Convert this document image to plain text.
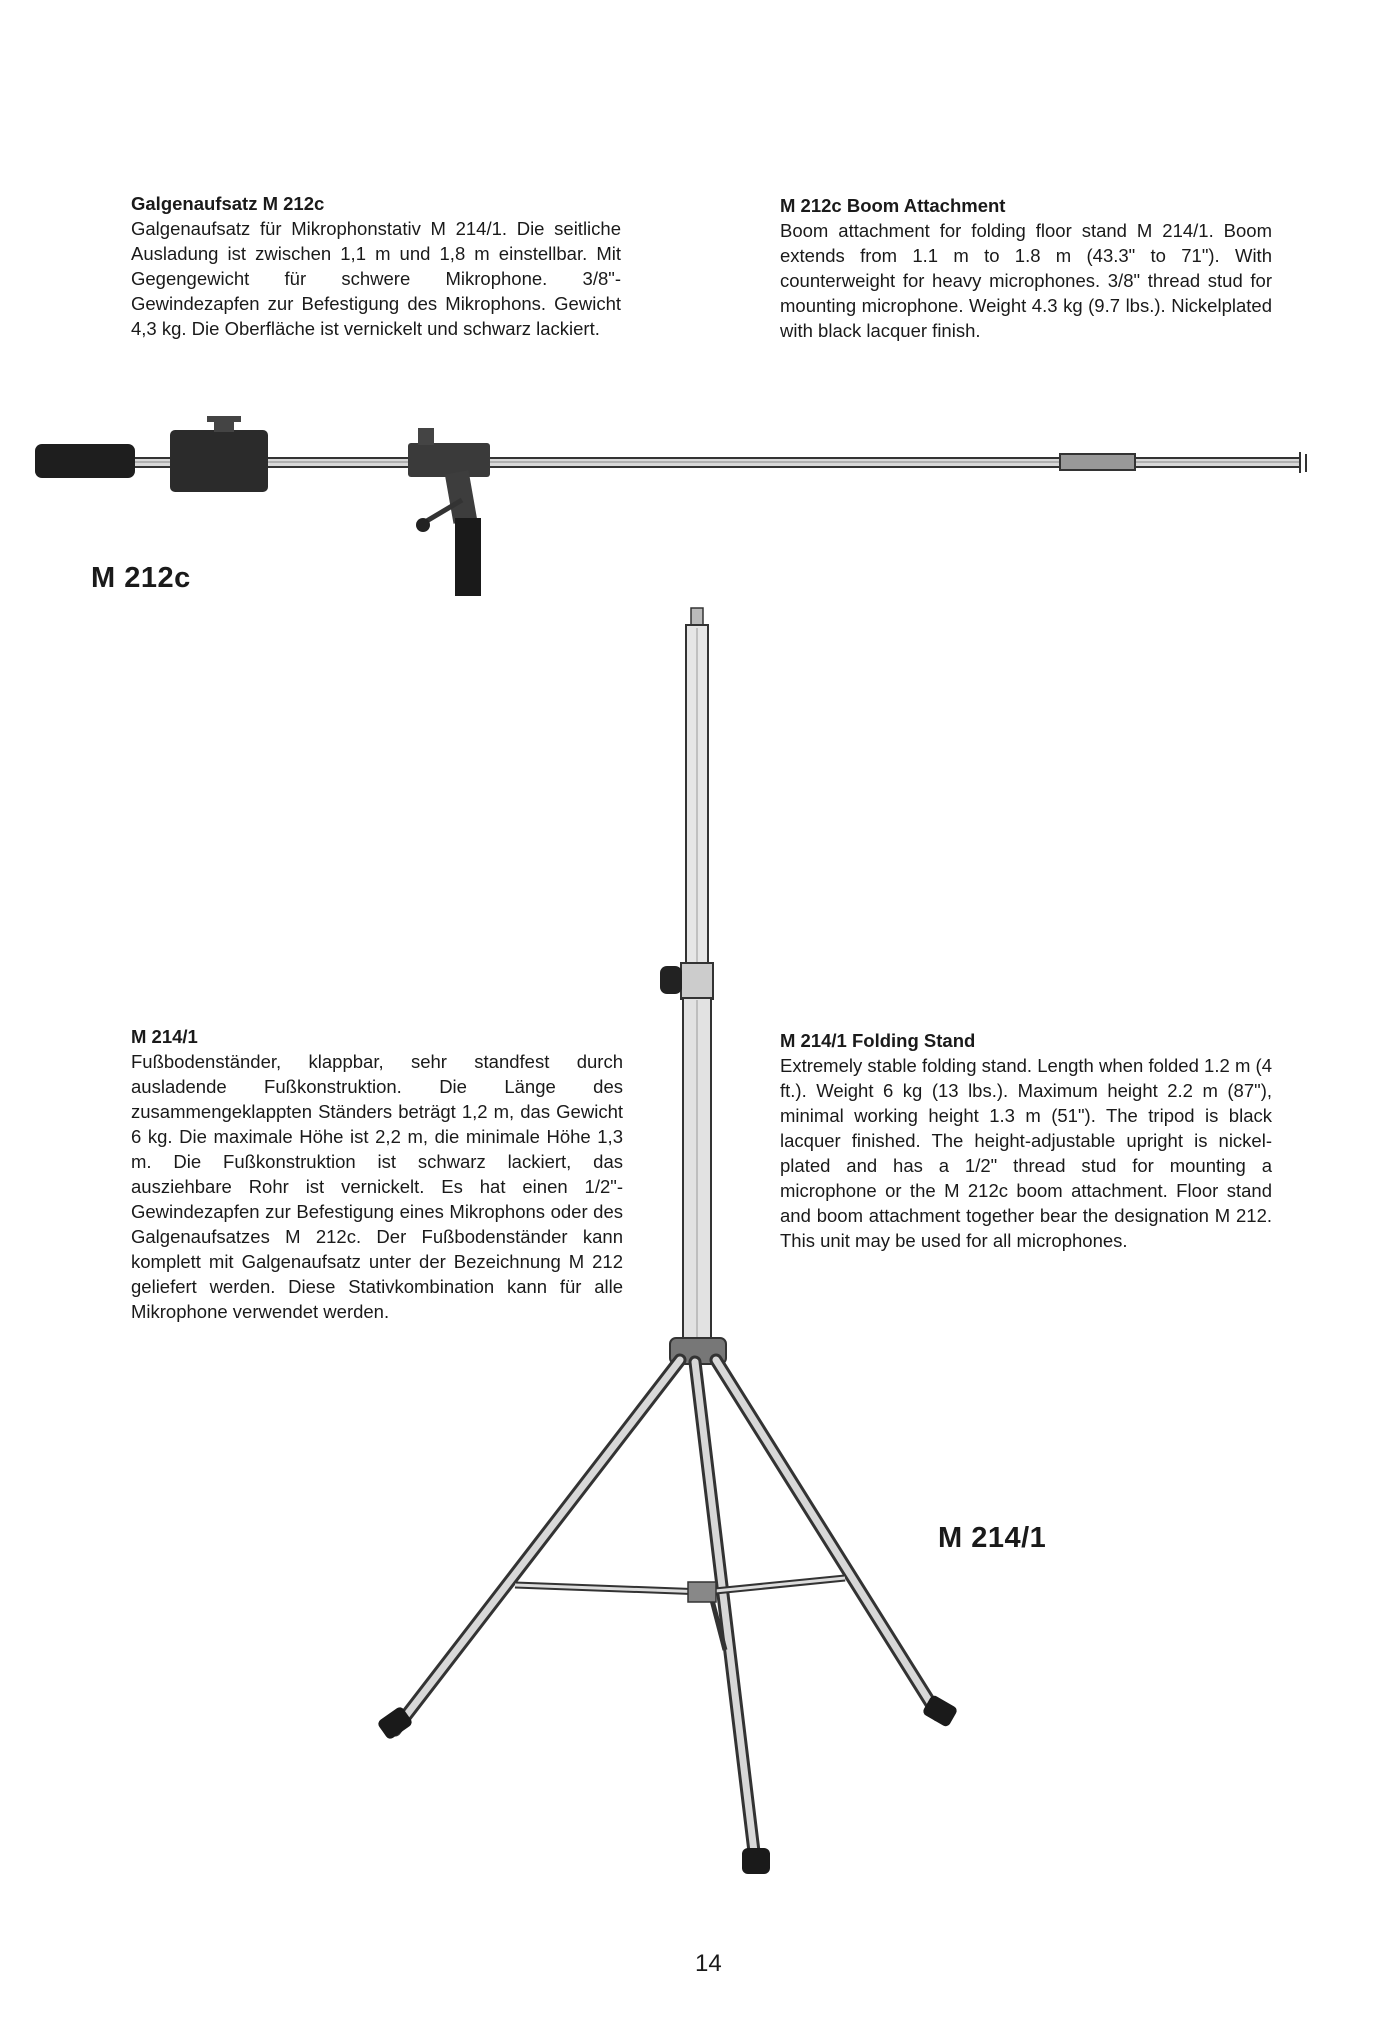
Galgenaufsatz M 212c

Galgenaufsatz für Mikrophonstativ M 214/1. Die seitliche Ausladung ist zwischen 1,1 m und 1,8 m einstellbar. Mit Gegengewicht für schwere Mikrophone. 3/8"-Gewindezapfen zur Befestigung des Mikrophons. Gewicht 4,3 kg. Die Oberfläche ist vernickelt und schwarz lackiert.

M 212c Boom Attachment

Boom attachment for folding floor stand M 214/1. Boom extends from 1.1 m to 1.8 m (43.3" to 71"). With counterweight for heavy microphones. 3/8" thread stud for mounting microphone. Weight 4.3 kg (9.7 lbs.). Nickelplated with black lacquer finish.

M 212c
M 214/1

Fußbodenständer, klappbar, sehr standfest durch ausladende Fußkonstruktion. Die Länge des zusammengeklappten Ständers beträgt 1,2 m, das Gewicht 6 kg. Die maximale Höhe ist 2,2 m, die minimale Höhe 1,3 m. Die Fußkonstruktion ist schwarz lackiert, das ausziehbare Rohr ist vernickelt. Es hat einen 1/2"-Gewindezapfen zur Befestigung eines Mikrophons oder des Galgenaufsatzes M 212c. Der Fußbodenständer kann komplett mit Galgenaufsatz unter der Bezeichnung M 212 geliefert werden. Diese Stativkombination kann für alle Mikrophone verwendet werden.

M 214/1 Folding Stand

Extremely stable folding stand. Length when folded 1.2 m (4 ft.). Weight 6 kg (13 lbs.). Maximum height 2.2 m (87"), minimal working height 1.3 m (51"). The tripod is black lacquer finished. The height-adjustable upright is nickel-plated and has a 1/2" thread stud for mounting a microphone or the M 212c boom attachment. Floor stand and boom attachment together bear the designation M 212. This unit may be used for all microphones.

M 214/1
14
